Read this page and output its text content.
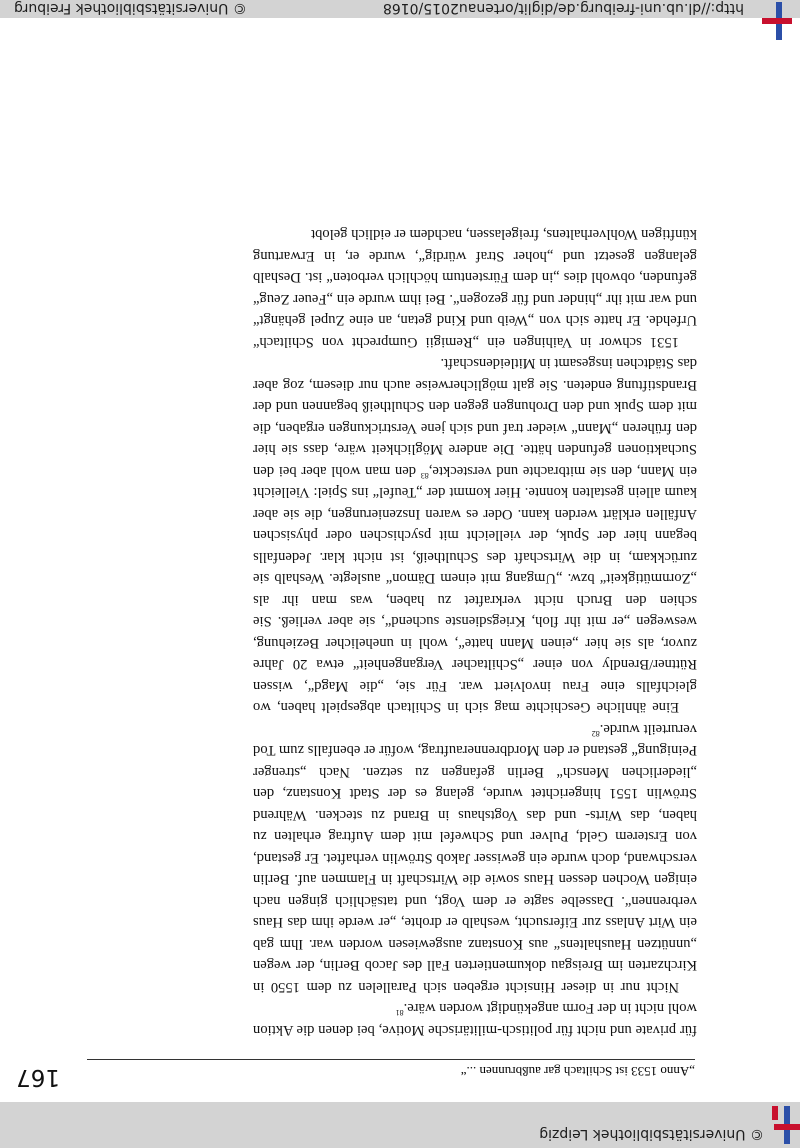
© Universitätsbibliothek Leipzig
„Anno 1533 ist Schiltach gar außbrunnen ...“
167

für private und nicht für politisch-militärische Motive, bei denen die Aktion wohl nicht in der Form angekündigt worden wäre.$^{81}$

Nicht nur in dieser Hinsicht ergeben sich Parallelen zu dem 1550 in Kirchzarten im Breisgau dokumentierten Fall des Jacob Berlin, der wegen „unnützen Haushaltens“ aus Konstanz ausgewiesen worden war. Ihm gab ein Wirt Anlass zur Eifersucht, weshalb er drohte, „er werde ihm das Haus verbrennen“. Dasselbe sagte er dem Vogt, und tatsächlich gingen nach einigen Wochen dessen Haus sowie die Wirtschaft in Flammen auf. Berlin verschwand, doch wurde ein gewisser Jakob Ströwlin verhaftet. Er gestand, von Ersterem Geld, Pulver und Schwefel mit dem Auftrag erhalten zu haben, das Wirts- und das Vogtshaus in Brand zu stecken. Während Ströwlin 1551 hingerichtet wurde, gelang es der Stadt Konstanz, den „liederlichen Mensch“ Berlin gefangen zu setzen. Nach „strenger Peinigung“ gestand er den Mordbrennerauftrag, wofür er ebenfalls zum Tod verurteilt wurde.$^{82}$

Eine ähnliche Geschichte mag sich in Schiltach abgespielt haben, wo gleichfalls eine Frau involviert war. Für sie, „die Magd“, wissen Rüttner/Brendly von einer „Schiltacher Vergangenheit“ etwa 20 Jahre zuvor, als sie hier „einen Mann hatte“, wohl in unehelicher Beziehung, weswegen „er mit ihr floh, Kriegsdienste suchend“, sie aber verließ. Sie schien den Bruch nicht verkraftet zu haben, was man ihr als „Zornmütigkeit“ bzw. „Umgang mit einem Dämon“ auslegte. Weshalb sie zurückkam, in die Wirtschaft des Schultheiß, ist nicht klar. Jedenfalls begann hier der Spuk, der vielleicht mit psychischen oder physischen Anfällen erklärt werden kann. Oder es waren Inszenierungen, die sie aber kaum allein gestalten konnte. Hier kommt der „Teufel“ ins Spiel: Vielleicht ein Mann, den sie mitbrachte und versteckte,$^{83}$ den man wohl aber bei den Suchaktionen gefunden hätte. Die andere Möglichkeit wäre, dass sie hier den früheren „Mann“ wieder traf und sich jene Verstrickungen ergaben, die mit dem Spuk und den Drohungen gegen den Schultheiß begannen und der Brandstiftung endeten. Sie galt möglicherweise auch nur diesem, zog aber das Städtchen insgesamt in Mitleidenschaft.

1531 schwor in Vaihingen ein „Remigii Gumprecht von Schiltach“ Urfehde. Er hatte sich von „Weib und Kind getan, an eine Zupel gehängt“ und war mit ihr „hinder und für gezogen“. Bei ihm wurde ein „Feuer Zeug“ gefunden, obwohl dies „in dem Fürstentum höchlich verboten“ ist. Deshalb gelangen gesetzt und „hoher Straf würdig“, wurde er, in Erwartung künftigen Wohlverhaltens, freigelassen, nachdem er eidlich gelobt

http://dl.ub.uni-freiburg.de/diglit/ortenau2015/0168
© Universitätsbibliothek Freiburg
